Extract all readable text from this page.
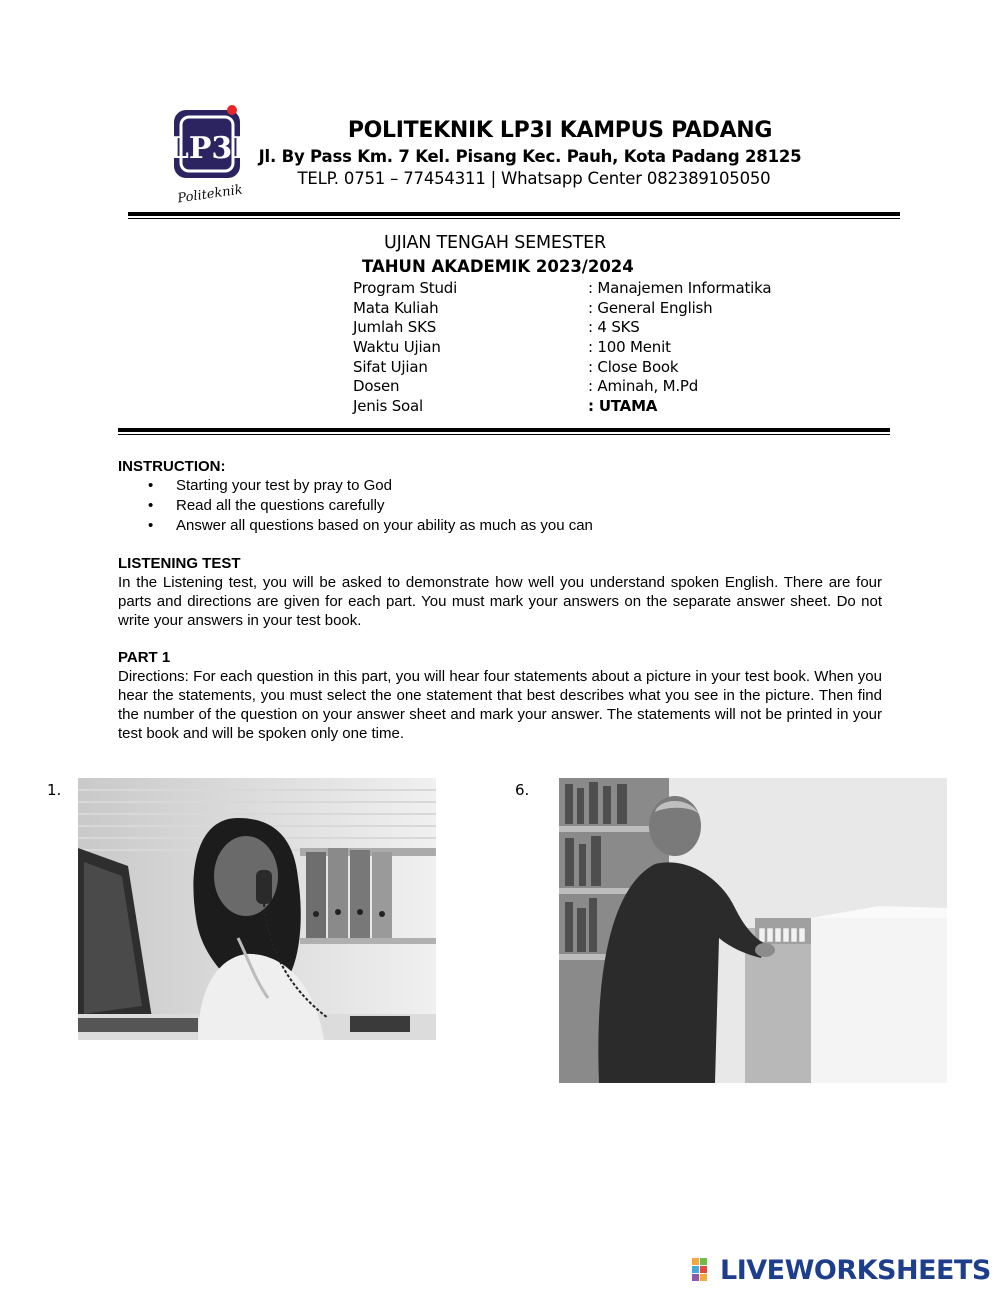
LP3I
Politeknik
POLITEKNIK LP3I KAMPUS PADANG
Jl. By Pass Km. 7 Kel. Pisang Kec. Pauh, Kota Padang 28125
TELP. 0751 – 77454311 | Whatsapp Center 082389105050
UJIAN TENGAH SEMESTER
TAHUN AKADEMIK 2023/2024
Program Studi	: Manajemen Informatika
Mata Kuliah	: General English
Jumlah SKS	: 4 SKS
Waktu Ujian	: 100 Menit
Sifat Ujian	: Close Book
Dosen	: Aminah, M.Pd
Jenis Soal	: UTAMA
INSTRUCTION:
• Starting your test by pray to God
• Read all the questions carefully
• Answer all questions based on your ability as much as you can
LISTENING TEST

In the Listening test, you will be asked to demonstrate how well you understand spoken English. There are four parts and directions are given for each part. You must mark your answers on the separate answer sheet. Do not write your answers in your test book.

PART 1

Directions: For each question in this part, you will hear four statements about a picture in your test book. When you hear the statements, you must select the one statement that best describes what you see in the picture. Then find the number of the question on your answer sheet and mark your answer. The statements will not be printed in your test book and will be spoken only one time.

1.	6.
LIVEWORKSHEETS
